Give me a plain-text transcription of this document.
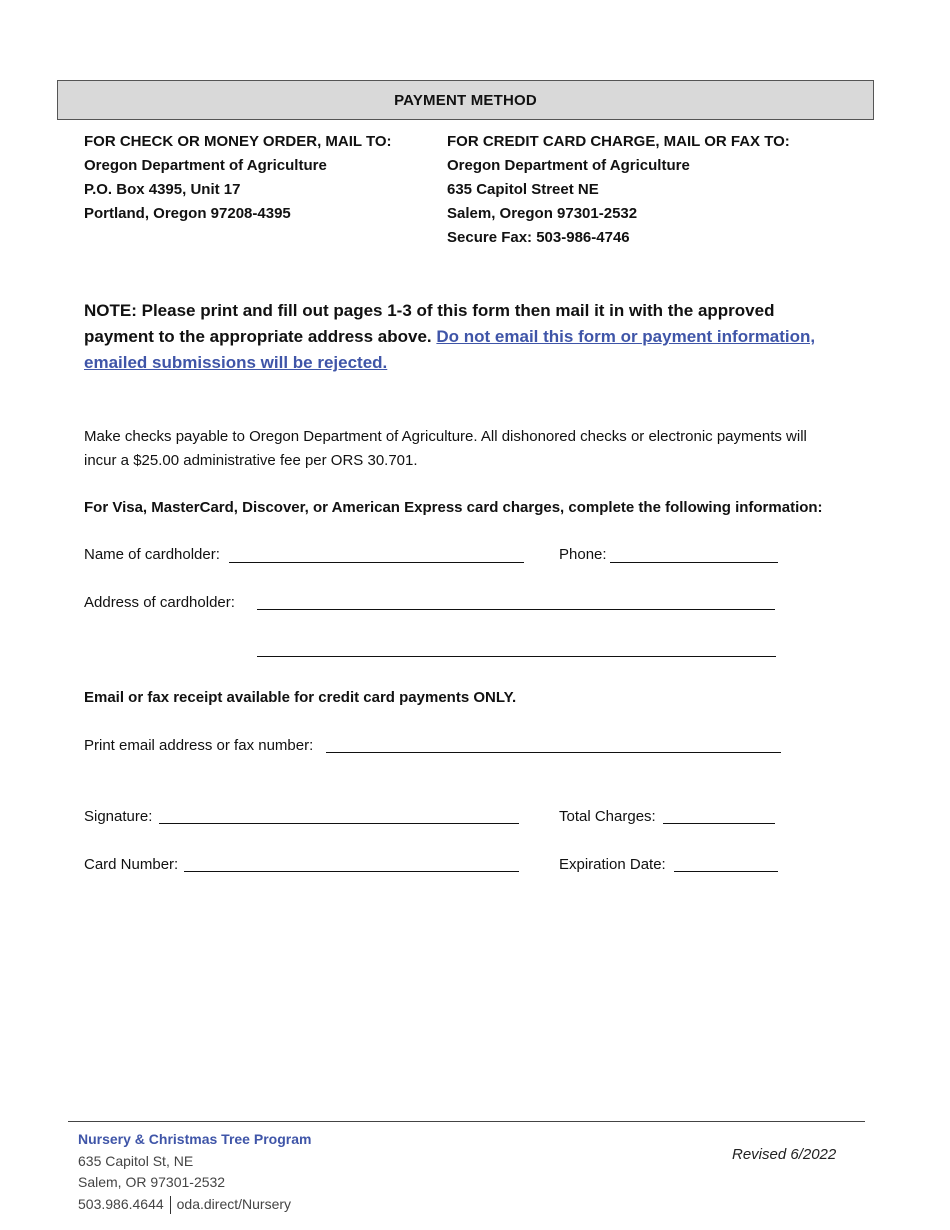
PAYMENT METHOD
FOR CHECK OR MONEY ORDER, MAIL TO:
Oregon Department of Agriculture
P.O. Box 4395, Unit 17
Portland, Oregon 97208-4395
FOR CREDIT CARD CHARGE, MAIL OR FAX TO:
Oregon Department of Agriculture
635 Capitol Street NE
Salem, Oregon 97301-2532
Secure Fax: 503-986-4746
NOTE: Please print and fill out pages 1-3 of this form then mail it in with the approved payment to the appropriate address above. Do not email this form or payment information, emailed submissions will be rejected.
Make checks payable to Oregon Department of Agriculture. All dishonored checks or electronic payments will incur a $25.00 administrative fee per ORS 30.701.
For Visa, MasterCard, Discover, or American Express card charges, complete the following information:
Name of cardholder:	Phone:
Address of cardholder:
Email or fax receipt available for credit card payments ONLY.
Print email address or fax number:
Signature:	Total Charges:
Card Number:	Expiration Date:
Nursery & Christmas Tree Program
635 Capitol St, NE
Salem, OR 97301-2532
503.986.4644 oda.direct/Nursery
Revised 6/2022
